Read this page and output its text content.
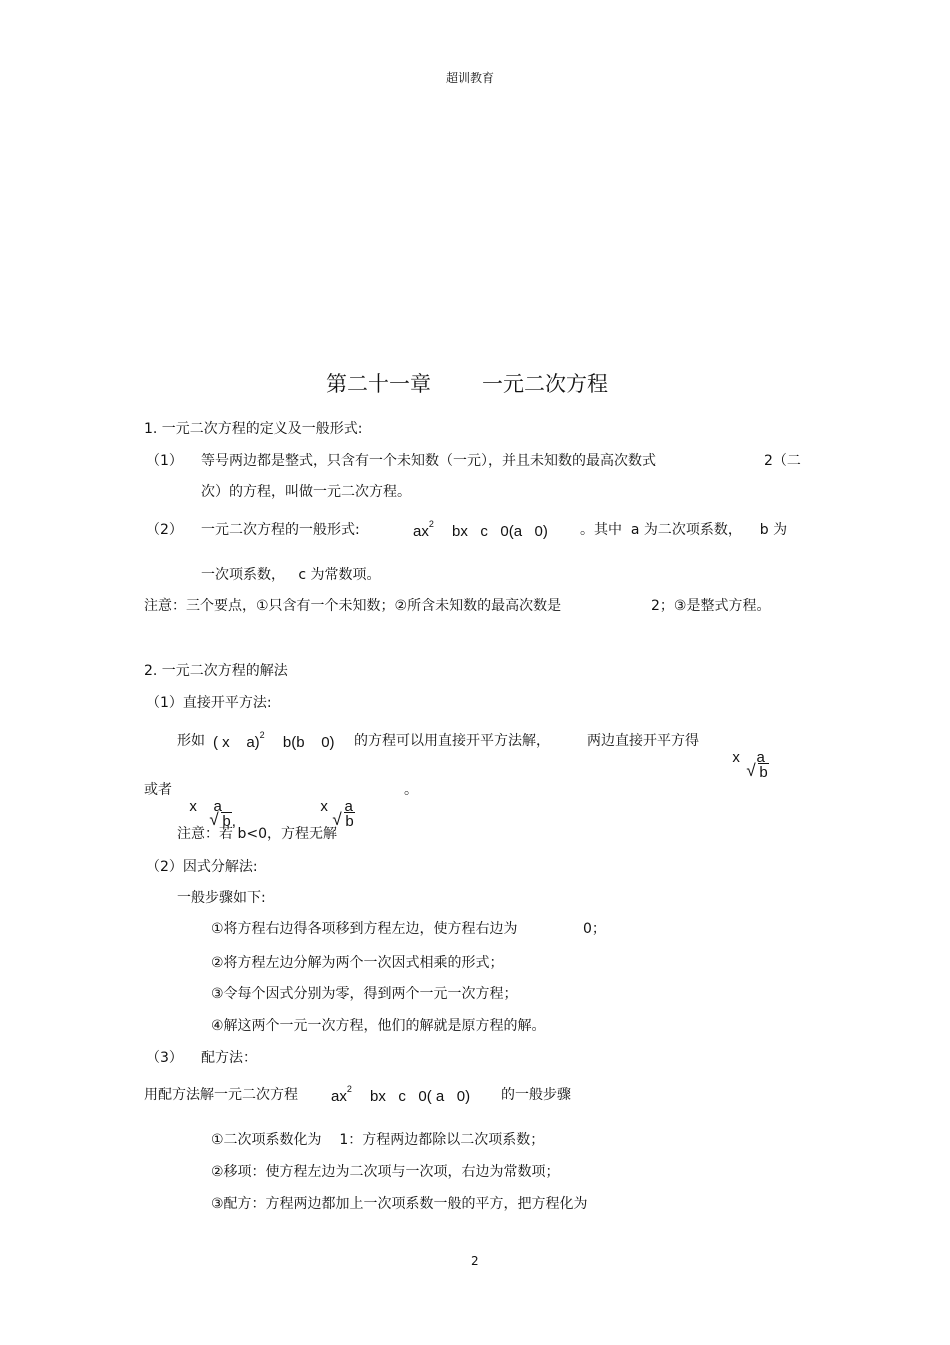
超训教育
第二十一章 一元二次方程
1. 一元二次方程的定义及一般形式:
（1） 等号两边都是整式，只含有一个未知数（一元），并且未知数的最高次数式	2（二
次）的方程，叫做一元二次方程。
（2） 一元二次方程的一般形式:	$ax^2$ bx   c   0(a   0) 。其中  a 为二次项系数，    b 为
一次项系数，   c 为常数项。
注意：三个要点，①只含有一个未知数；②所含未知数的最高次数是	2；③是整式方程。
2. 一元二次方程的解法
（1）直接开平方法:
形如 ( x    a)$^2$ b(b    0) 的方程可以用直接开平方法解，	两边直接开平方得

x    a
√ b

或者

x    a
√ b,

x    a
√ b

。
注意：若 b<0，方程无解
（2）因式分解法:
一般步骤如下:
①将方程右边得各项移到方程左边，使方程右边为	0；
②将方程左边分解为两个一次因式相乘的形式；
③令每个因式分别为零，得到两个一元一次方程；
④解这两个一元一次方程，他们的解就是原方程的解。
（3） 配方法：
用配方法解一元二次方程 $ax^2$ bx   c   0( a   0) 的一般步骤
①二次项系数化为    1：方程两边都除以二次项系数；
②移项：使方程左边为二次项与一次项，右边为常数项；
③配方：方程两边都加上一次项系数一般的平方，把方程化为
2
